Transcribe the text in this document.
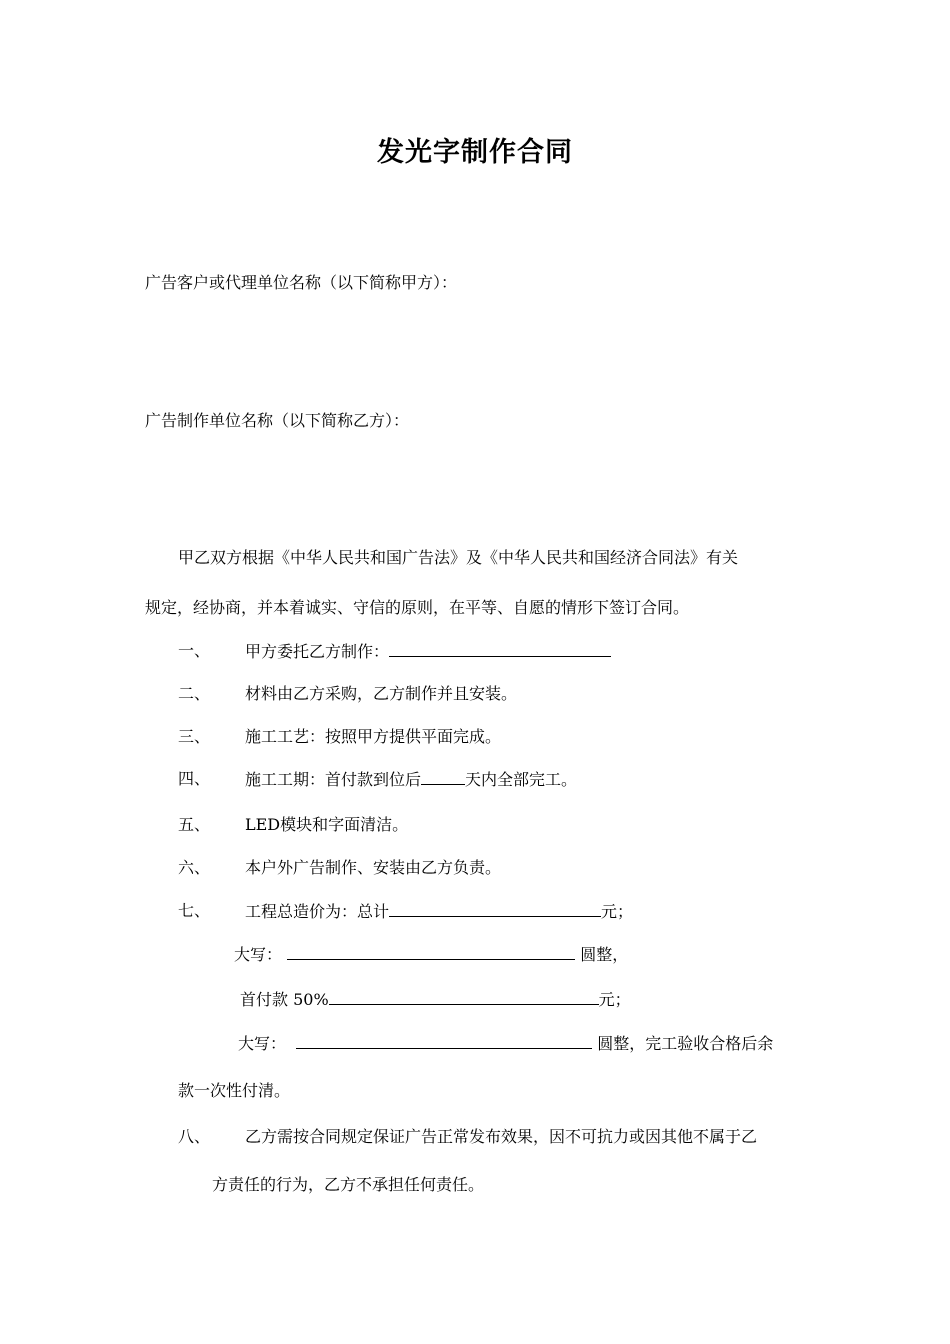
发光字制作合同
广告客户或代理单位名称（以下简称甲方）：
广告制作单位名称（以下简称乙方）：
甲乙双方根据《中华人民共和国广告法》及《中华人民共和国经济合同法》有关
规定，经协商，并本着诚实、守信的原则，在平等、自愿的情形下签订合同。
一、 甲方委托乙方制作：
二、 材料由乙方采购，乙方制作并且安装。
三、 施工工艺：按照甲方提供平面完成。
四、 施工工期：首付款到位后	天内全部完工。
五、 LED模块和字面清洁。
六、 本户外广告制作、安装由乙方负责。
七、 工程总造价为：总计	元；
大写：	圆整，
首付款 50%	元；
大写：	圆整，完工验收合格后余
款一次性付清。
八、 乙方需按合同规定保证广告正常发布效果，因不可抗力或因其他不属于乙
方责任的行为，乙方不承担任何责任。
